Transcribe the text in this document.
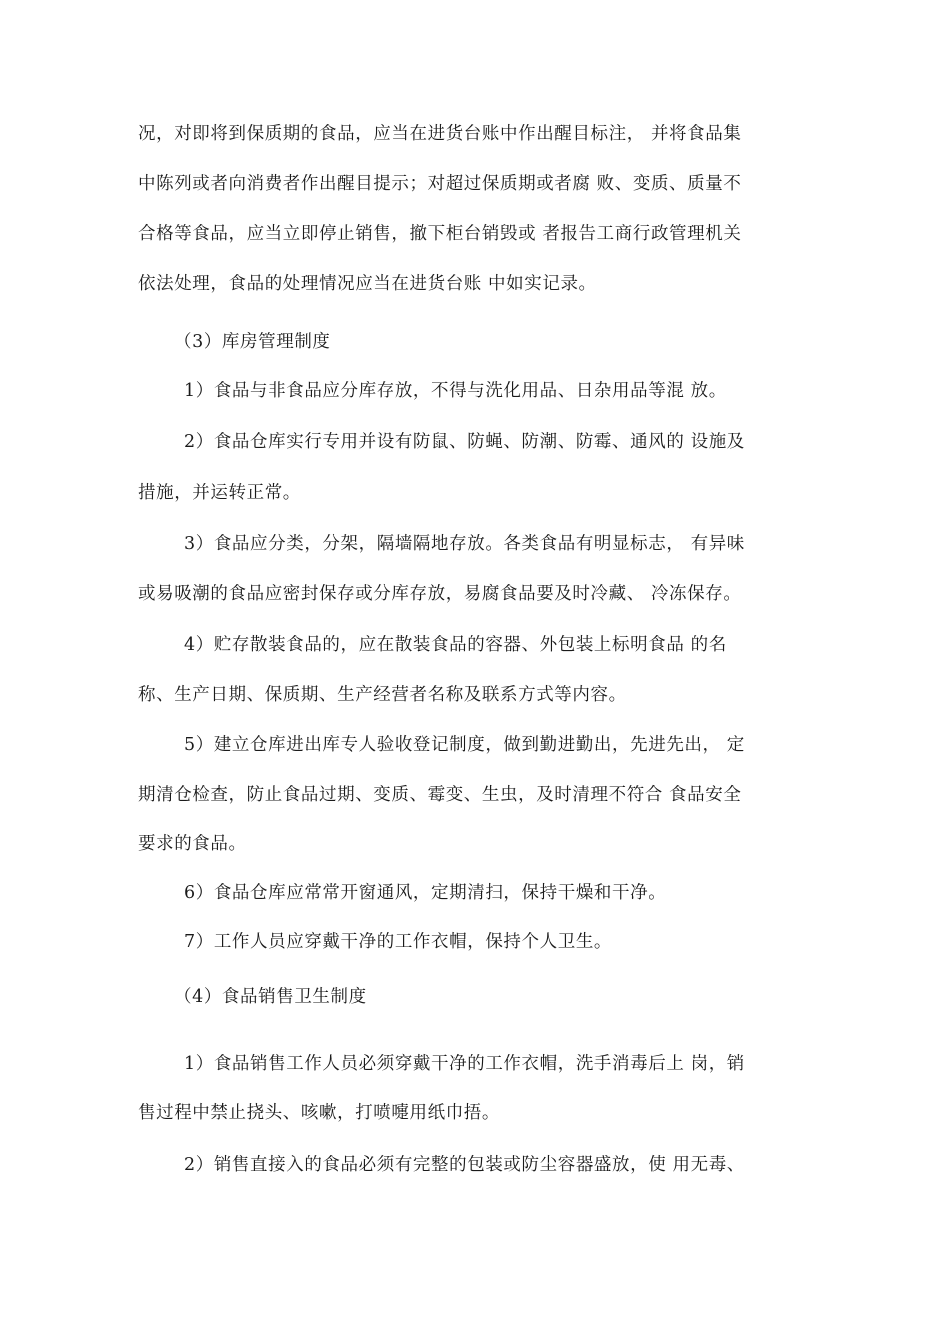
况，对即将到保质期的食品，应当在进货台账中作出醒目标注， 并将食品集
中陈列或者向消费者作出醒目提示；对超过保质期或者腐 败、变质、质量不
合格等食品，应当立即停止销售，撤下柜台销毁或 者报告工商行政管理机关
依法处理，食品的处理情况应当在进货台账 中如实记录。
（3）库房管理制度
1）食品与非食品应分库存放，不得与洗化用品、日杂用品等混 放。
2）食品仓库实行专用并设有防鼠、防蝇、防潮、防霉、通风的 设施及
措施，并运转正常。
3）食品应分类，分架，隔墙隔地存放。各类食品有明显标志， 有异味
或易吸潮的食品应密封保存或分库存放，易腐食品要及时冷藏、 冷冻保存。
4）贮存散装食品的，应在散装食品的容器、外包装上标明食品 的名
称、生产日期、保质期、生产经营者名称及联系方式等内容。
5）建立仓库进出库专人验收登记制度，做到勤进勤出，先进先出， 定
期清仓检查，防止食品过期、变质、霉变、生虫，及时清理不符合 食品安全
要求的食品。
6）食品仓库应常常开窗通风，定期清扫，保持干燥和干净。
7）工作人员应穿戴干净的工作衣帽，保持个人卫生。
（4）食品销售卫生制度
1）食品销售工作人员必须穿戴干净的工作衣帽，洗手消毒后上 岗，销
售过程中禁止挠头、咳嗽，打喷嚏用纸巾捂。
2）销售直接入的食品必须有完整的包装或防尘容器盛放，使 用无毒、
